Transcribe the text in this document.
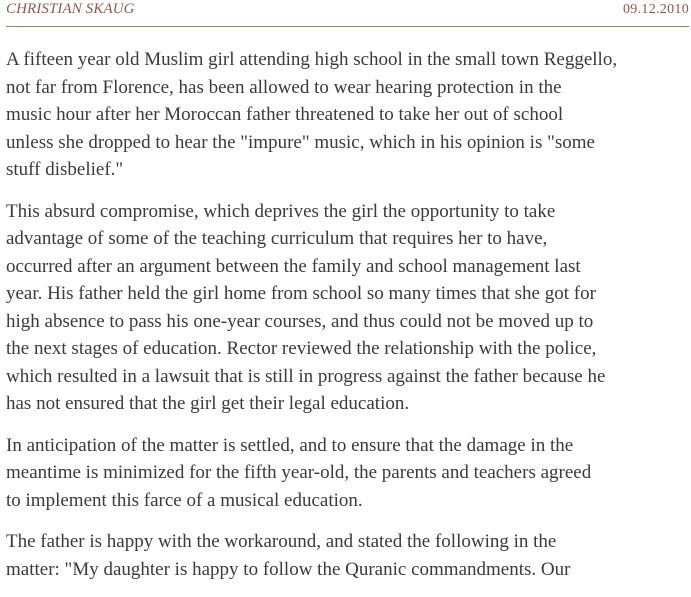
CHRISTIAN SKAUG	09.12.2010

A fifteen year old Muslim girl attending high school in the small town Reggello,
not far from Florence, has been allowed to wear hearing protection in the
music hour after her Moroccan father threatened to take her out of school
unless she dropped to hear the "impure" music, which in his opinion is "some
stuff disbelief."

This absurd compromise, which deprives the girl the opportunity to take
advantage of some of the teaching curriculum that requires her to have,
occurred after an argument between the family and school management last
year. His father held the girl home from school so many times that she got for
high absence to pass his one-year courses, and thus could not be moved up to
the next stages of education. Rector reviewed the relationship with the police,
which resulted in a lawsuit that is still in progress against the father because he
has not ensured that the girl get their legal education.

In anticipation of the matter is settled, and to ensure that the damage in the
meantime is minimized for the fifth year-old, the parents and teachers agreed
to implement this farce of a musical education.

The father is happy with the workaround, and stated the following in the
matter: "My daughter is happy to follow the Quranic commandments. Our
